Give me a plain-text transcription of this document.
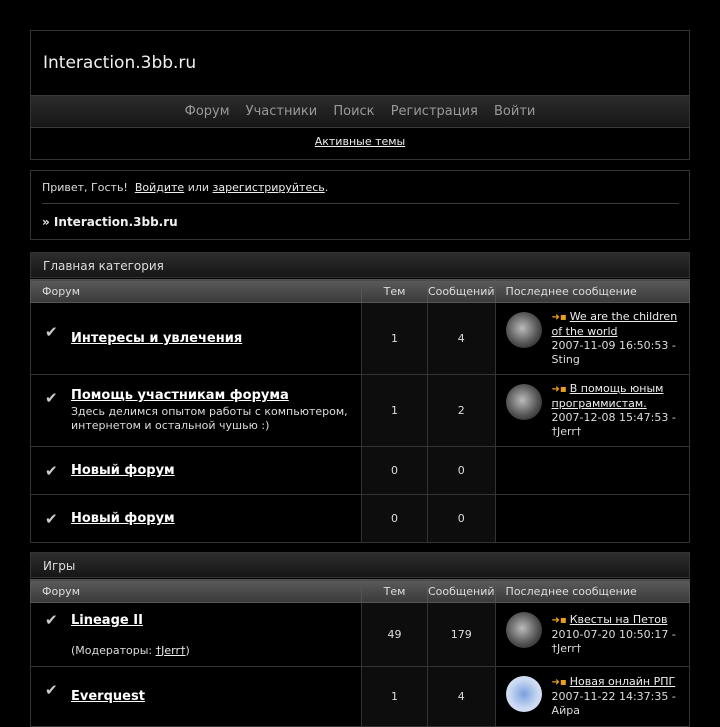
Interaction.3bb.ru
Форум Участники Поиск Регистрация Войти
Активные темы
Привет, Гость! Войдите или зарегистрируйтесь.
» Interaction.3bb.ru
Главная категория
Форум	Тем	Сообщений	Последнее сообщение

✔ Интересы и увлечения	1	4	➜▪ We are the children of the world
2007-11-09 16:50:53 -
Sting

✔ Помощь участникам форума
Здесь делимся опытом работы с компьютером, интернетом и остальной чушью :)	1	2	➜▪ В помощь юным программистам.
2007-12-08 15:47:53 -
†Jerr†

✔ Новый форум	0	0	

✔ Новый форум	0	0	
Игры
Форум	Тем	Сообщений	Последнее сообщение

✔ Lineage II
(Модераторы: †Jerr†)	49	179	➜▪ Квесты на Петов
2010-07-20 10:50:17 -
†Jerr†

✔ Everquest	1	4	➜▪ Новая онлайн РПГ
2007-11-22 14:37:35 -
Айра
